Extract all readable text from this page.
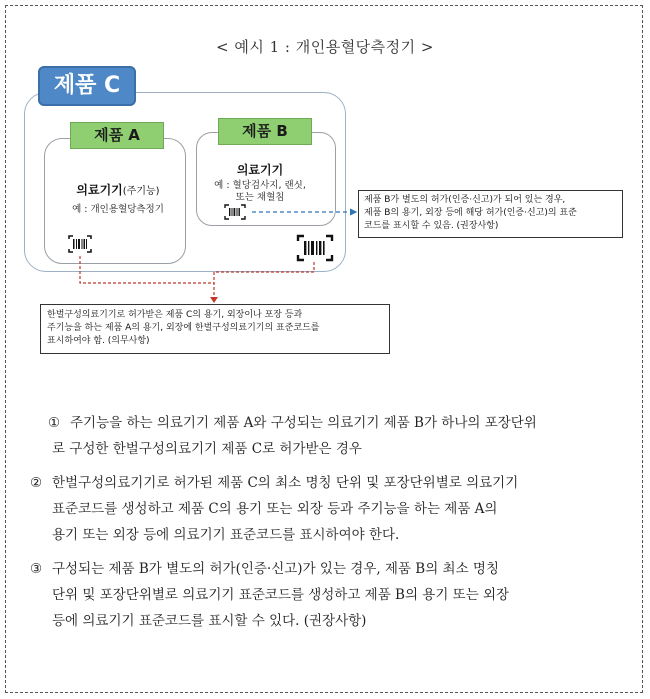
< 예시 1 : 개인용혈당측정기 >
제품 C
제품 A
의료기기(주기능)
예 : 개인용혈당측정기
제품 B
의료기기
예 : 혈당검사지, 랜싯,
또는 채혈침	제품 B가 별도의 허가(인증·신고)가 되어 있는 경우,
제품 B의 용기, 외장 등에 해당 허가(인증·신고)의 표준
코드를 표시할 수 있음. (권장사항)
한벌구성의료기기로 허가받은 제품 C의 용기, 외장이나 포장 등과
주기능을 하는 제품 A의 용기, 외장에 한벌구성의료기기의 표준코드를
표시하여야 함. (의무사항)
① 주기능을 하는 의료기기 제품 A와 구성되는 의료기기 제품 B가 하나의 포장단위
로 구성한 한벌구성의료기기 제품 C로 허가받은 경우
② 한벌구성의료기기로 허가된 제품 C의 최소 명칭 단위 및 포장단위별로 의료기기
표준코드를 생성하고 제품 C의 용기 또는 외장 등과 주기능을 하는 제품 A의
용기 또는 외장 등에 의료기기 표준코드를 표시하여야 한다.
③ 구성되는 제품 B가 별도의 허가(인증·신고)가 있는 경우, 제품 B의 최소 명칭
단위 및 포장단위별로 의료기기 표준코드를 생성하고 제품 B의 용기 또는 외장
등에 의료기기 표준코드를 표시할 수 있다. (권장사항)
